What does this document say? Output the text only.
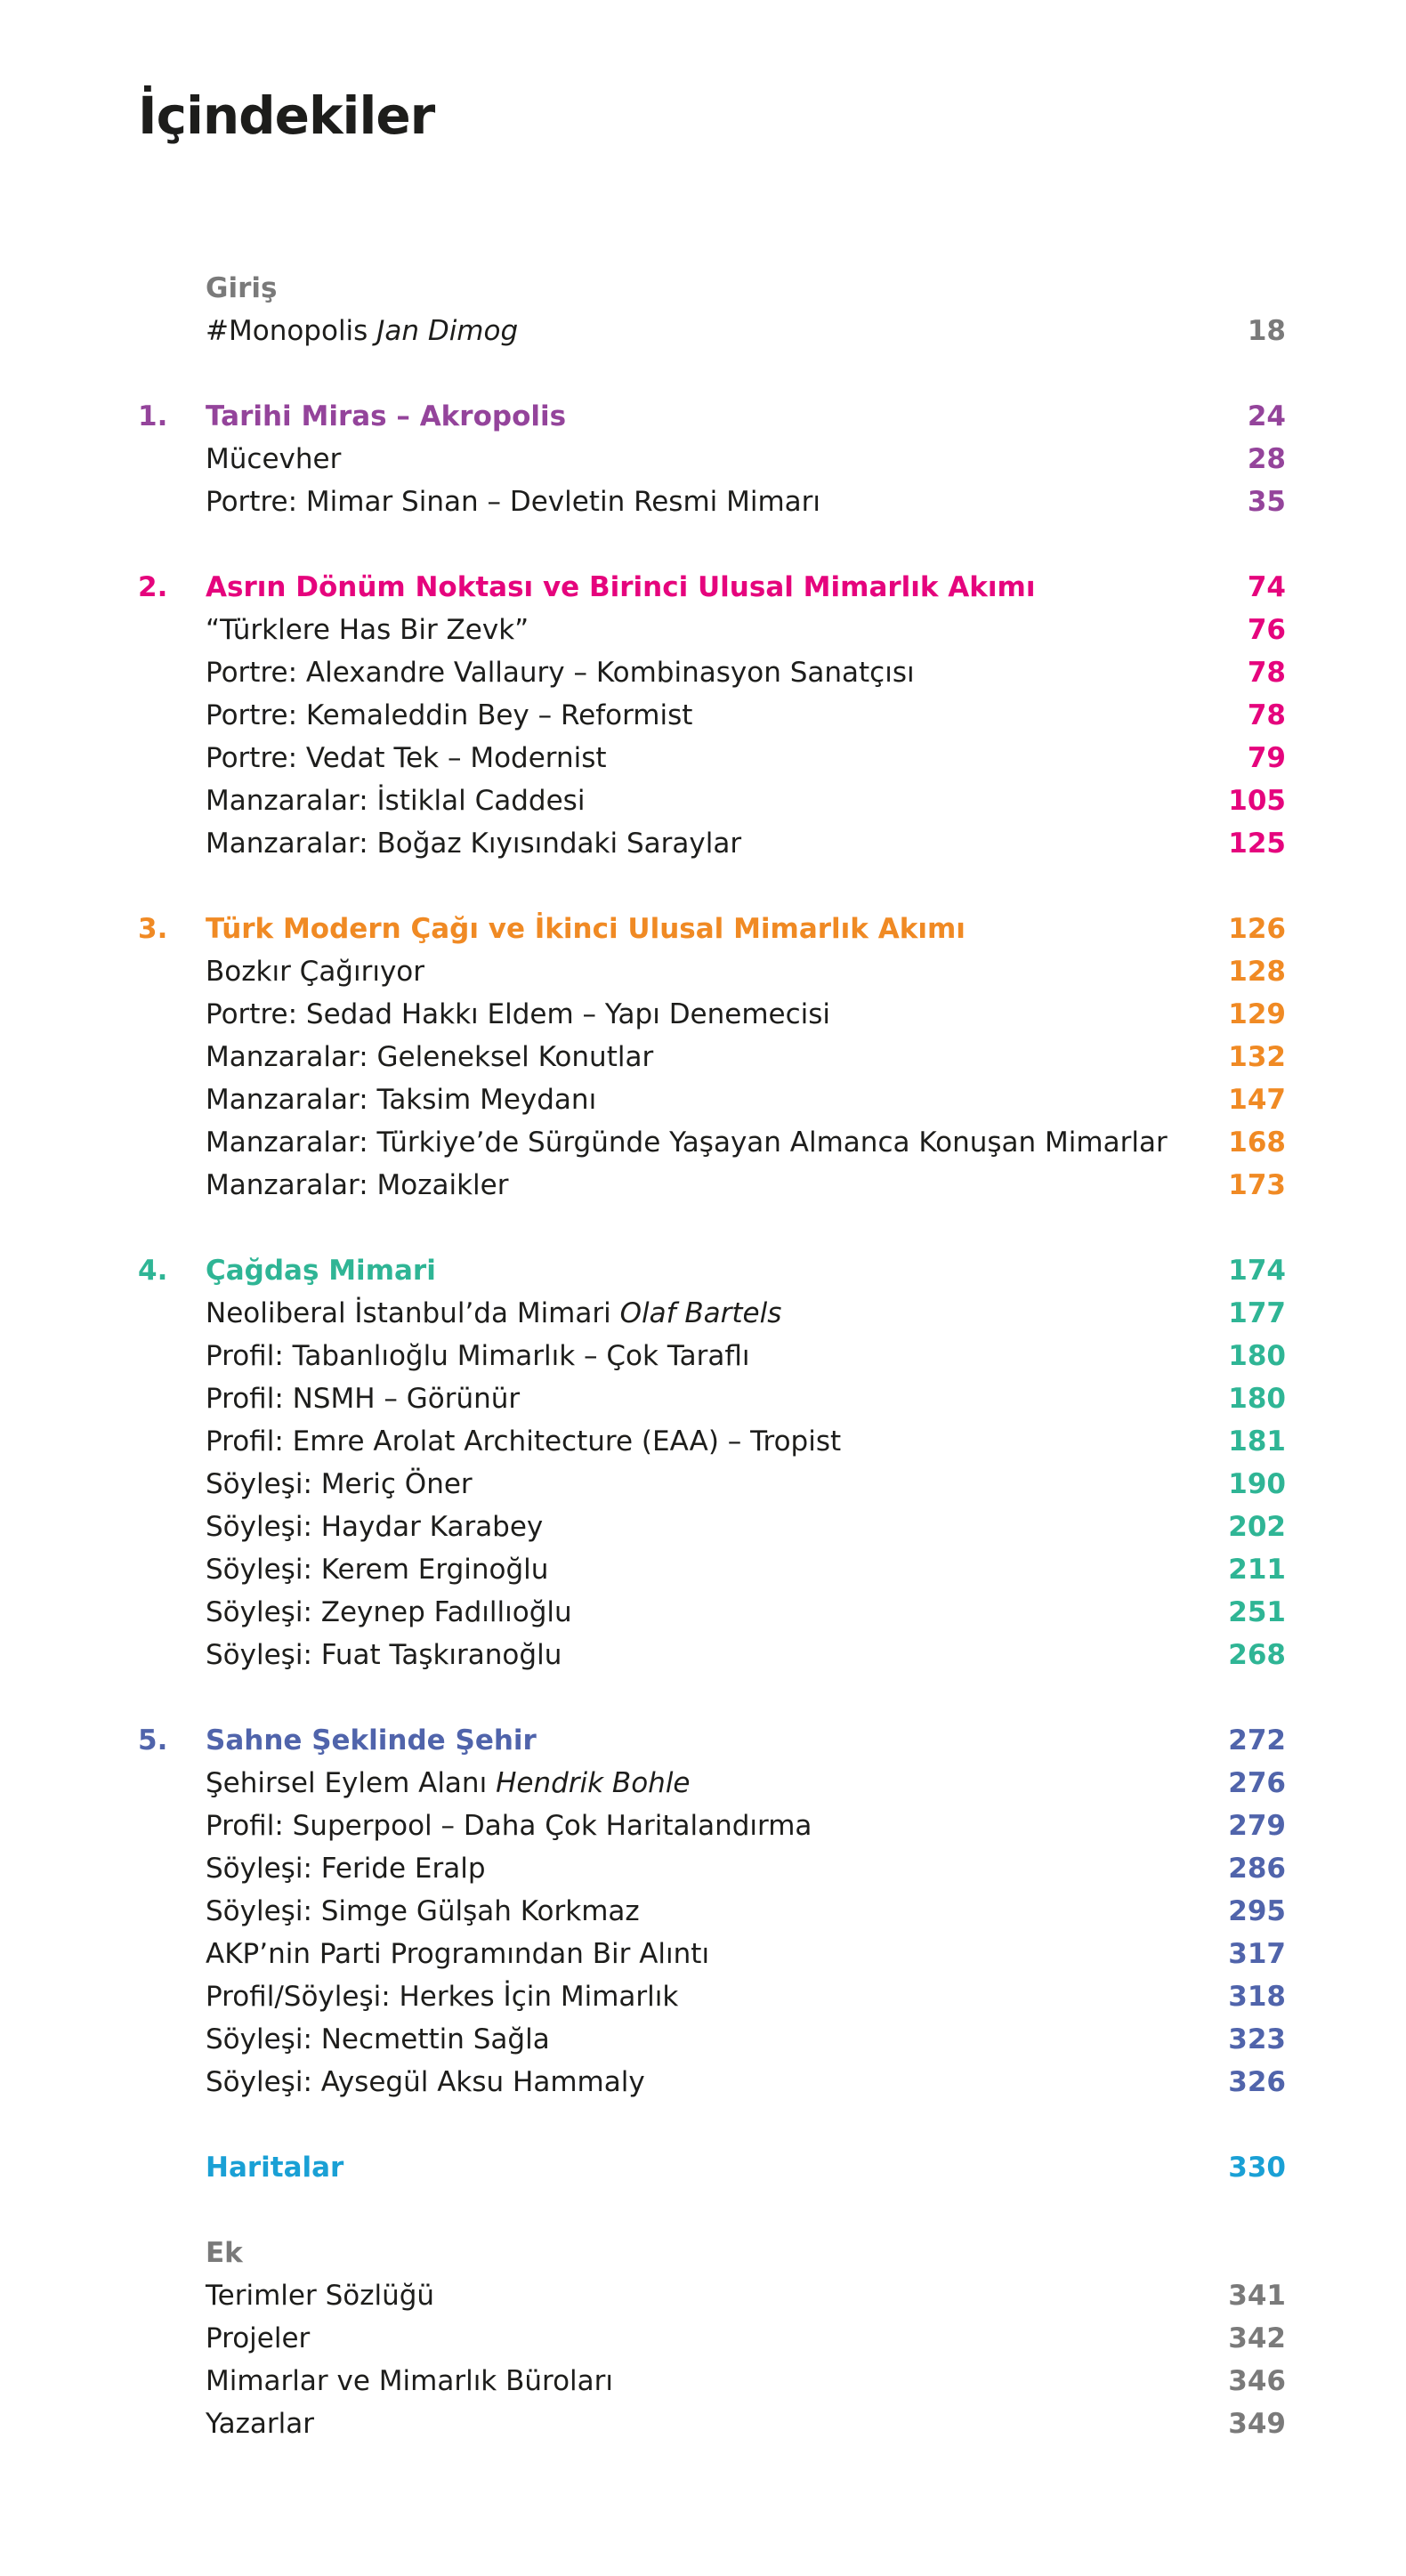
İçindekiler
Giriş
#Monopolis Jan Dimog	18
1. Tarihi Miras – Akropolis	24
Mücevher	28
Portre: Mimar Sinan – Devletin Resmi Mimarı	35
2. Asrın Dönüm Noktası ve Birinci Ulusal Mimarlık Akımı	74
“Türklere Has Bir Zevk”	76
Portre: Alexandre Vallaury – Kombinasyon Sanatçısı	78
Portre: Kemaleddin Bey – Reformist	78
Portre: Vedat Tek – Modernist	79
Manzaralar: İstiklal Caddesi	105
Manzaralar: Boğaz Kıyısındaki Saraylar	125
3. Türk Modern Çağı ve İkinci Ulusal Mimarlık Akımı	126
Bozkır Çağırıyor	128
Portre: Sedad Hakkı Eldem – Yapı Denemecisi	129
Manzaralar: Geleneksel Konutlar	132
Manzaralar: Taksim Meydanı	147
Manzaralar: Türkiye’de Sürgünde Yaşayan Almanca Konuşan Mimarlar 168
Manzaralar: Mozaikler	173
4. Çağdaş Mimari	174
Neoliberal İstanbul’da Mimari Olaf Bartels	177
Profil: Tabanlıoğlu Mimarlık – Çok Taraflı	180
Profil: NSMH – Görünür	180
Profil: Emre Arolat Architecture (EAA) – Tropist	181
Söyleşi: Meriç Öner	190
Söyleşi: Haydar Karabey	202
Söyleşi: Kerem Erginoğlu	211
Söyleşi: Zeynep Fadıllıoğlu	251
Söyleşi: Fuat Taşkıranoğlu	268
5. Sahne Şeklinde Şehir	272
Şehirsel Eylem Alanı Hendrik Bohle	276
Profil: Superpool – Daha Çok Haritalandırma	279
Söyleşi: Feride Eralp	286
Söyleşi: Simge Gülşah Korkmaz	295
AKP’nin Parti Programından Bir Alıntı	317
Profil/Söyleşi: Herkes İçin Mimarlık	318
Söyleşi: Necmettin Sağla	323
Söyleşi: Aysegül Aksu Hammaly	326
Haritalar	330
Ek
Terimler Sözlüğü	341
Projeler	342
Mimarlar ve Mimarlık Büroları	346
Yazarlar	349
